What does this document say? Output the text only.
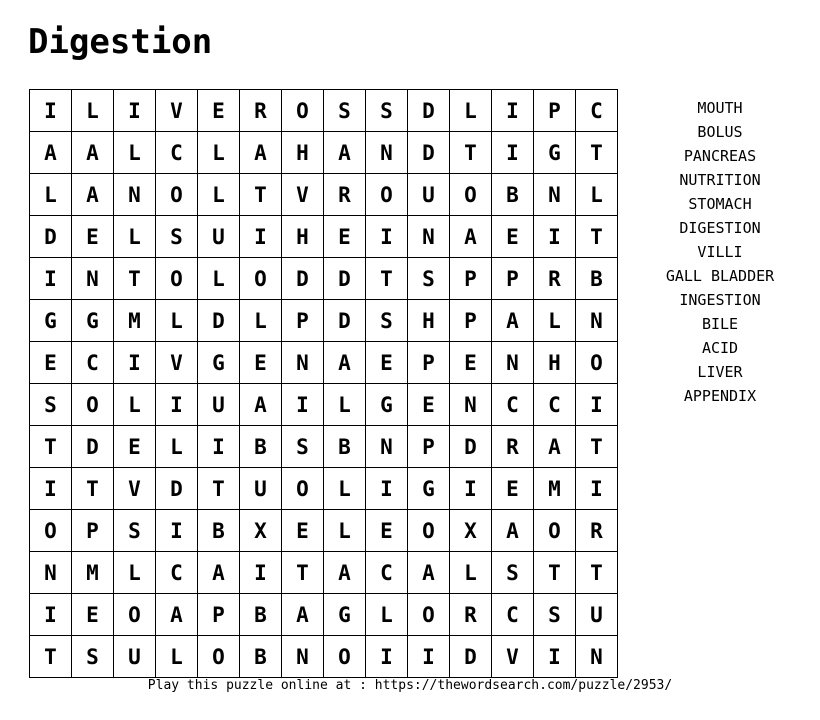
Digestion
I	L	I	V	E	R	O	S	S	D	L	I	P	C
A	A	L	C	L	A	H	A	N	D	T	I	G	T
L	A	N	O	L	T	V	R	O	U	O	B	N	L
D	E	L	S	U	I	H	E	I	N	A	E	I	T
I	N	T	O	L	O	D	D	T	S	P	P	R	B
G	G	M	L	D	L	P	D	S	H	P	A	L	N
E	C	I	V	G	E	N	A	E	P	E	N	H	O
S	O	L	I	U	A	I	L	G	E	N	C	C	I
T	D	E	L	I	B	S	B	N	P	D	R	A	T
I	T	V	D	T	U	O	L	I	G	I	E	M	I
O	P	S	I	B	X	E	L	E	O	X	A	O	R
N	M	L	C	A	I	T	A	C	A	L	S	T	T
I	E	O	A	P	B	A	G	L	O	R	C	S	U
T	S	U	L	O	B	N	O	I	I	D	V	I	N
MOUTH
BOLUS
PANCREAS
NUTRITION
STOMACH
DIGESTION
VILLI
GALL BLADDER
INGESTION
BILE
ACID
LIVER
APPENDIX
Play this puzzle online at : https://thewordsearch.com/puzzle/2953/
